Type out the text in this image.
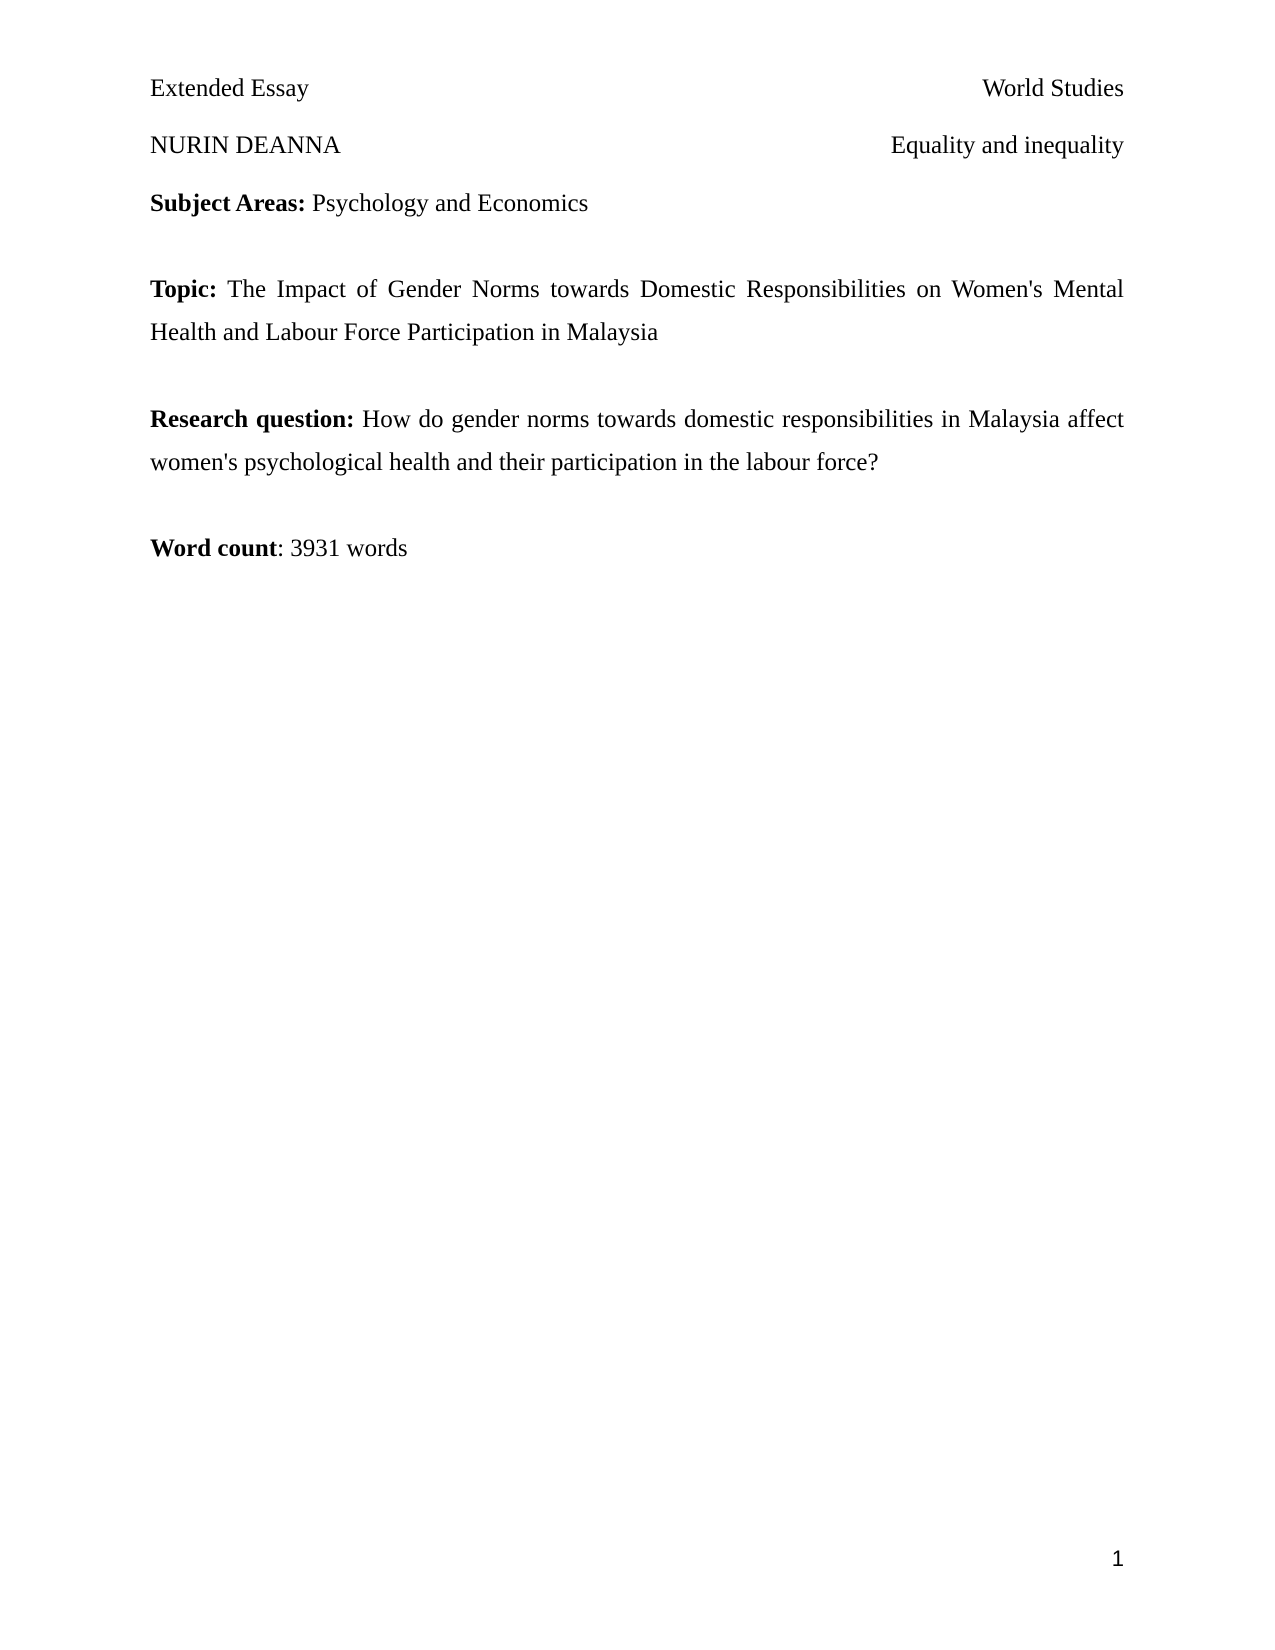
Extended Essay	World Studies
NURIN DEANNA	Equality and inequality
Subject Areas: Psychology and Economics
Topic: The Impact of Gender Norms towards Domestic Responsibilities on Women's Mental Health and Labour Force Participation in Malaysia
Research question: How do gender norms towards domestic responsibilities in Malaysia affect women's psychological health and their participation in the labour force?
Word count: 3931 words
1
